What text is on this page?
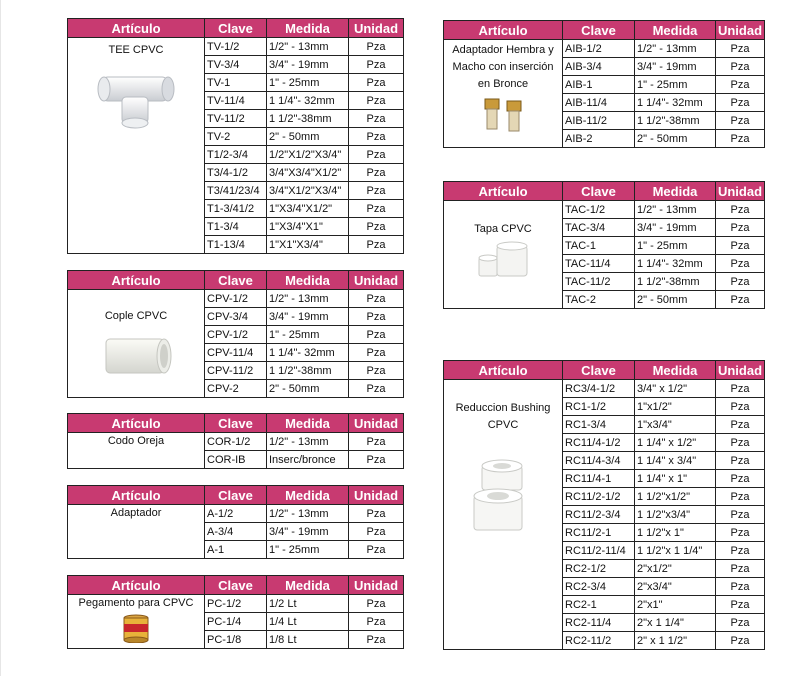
Artículo	Clave	Medida	Unidad

TEE CPVC	TV-1/2	1/2" - 13mm	Pza
	TV-3/4	3/4" - 19mm	Pza
	TV-1	1" - 25mm	Pza
	TV-11/4	1 1/4"- 32mm	Pza
	TV-11/2	1 1/2"-38mm	Pza
	TV-2	2" - 50mm	Pza
	T1/2-3/4	1/2"X1/2"X3/4"	Pza
	T3/4-1/2	3/4"X3/4"X1/2"	Pza
	T3/41/23/4	3/4"X1/2"X3/4"	Pza
	T1-3/41/2	1"X3/4"X1/2"	Pza
	T1-3/4	1"X3/4"X1"	Pza
	T1-13/4	1"X1"X3/4"	Pza
Artículo	Clave	Medida	Unidad

Cople CPVC	CPV-1/2	1/2" - 13mm	Pza
	CPV-3/4	3/4" - 19mm	Pza
	CPV-1/2	1" - 25mm	Pza
	CPV-11/4	1 1/4"- 32mm	Pza
	CPV-11/2	1 1/2"-38mm	Pza
	CPV-2	2" - 50mm	Pza
Artículo	Clave	Medida	Unidad

Codo Oreja	COR-1/2	1/2" - 13mm	Pza
	COR-IB	Inserc/bronce	Pza
Artículo	Clave	Medida	Unidad

Adaptador	A-1/2	1/2" - 13mm	Pza
	A-3/4	3/4" - 19mm	Pza
	A-1	1" - 25mm	Pza
Artículo	Clave	Medida	Unidad

Pegamento para CPVC	PC-1/2	1/2 Lt	Pza
	PC-1/4	1/4 Lt	Pza
	PC-1/8	1/8 Lt	Pza
Artículo	Clave	Medida	Unidad

Adaptador Hembra y Macho con inserción en Bronce	AIB-1/2	1/2" - 13mm	Pza
	AIB-3/4	3/4" - 19mm	Pza
	AIB-1	1" - 25mm	Pza
	AIB-11/4	1 1/4"- 32mm	Pza
	AIB-11/2	1 1/2"-38mm	Pza
	AIB-2	2" - 50mm	Pza
Artículo	Clave	Medida	Unidad

Tapa CPVC	TAC-1/2	1/2" - 13mm	Pza
	TAC-3/4	3/4" - 19mm	Pza
	TAC-1	1" - 25mm	Pza
	TAC-11/4	1 1/4"- 32mm	Pza
	TAC-11/2	1 1/2"-38mm	Pza
	TAC-2	2" - 50mm	Pza
Artículo	Clave	Medida	Unidad

Reduccion Bushing CPVC	RC3/4-1/2	3/4" x 1/2"	Pza
	RC1-1/2	1"x1/2"	Pza
	RC1-3/4	1"x3/4"	Pza
	RC11/4-1/2	1 1/4" x 1/2"	Pza
	RC11/4-3/4	1 1/4" x 3/4"	Pza
	RC11/4-1	1 1/4" x 1"	Pza
	RC11/2-1/2	1 1/2"x1/2"	Pza
	RC11/2-3/4	1 1/2"x3/4"	Pza
	RC11/2-1	1 1/2"x 1"	Pza
	RC11/2-11/4	1 1/2"x 1 1/4"	Pza
	RC2-1/2	2"x1/2"	Pza
	RC2-3/4	2"x3/4"	Pza
	RC2-1	2"x1"	Pza
	RC2-11/4	2"x 1 1/4"	Pza
	RC2-11/2	2" x 1 1/2"	Pza
